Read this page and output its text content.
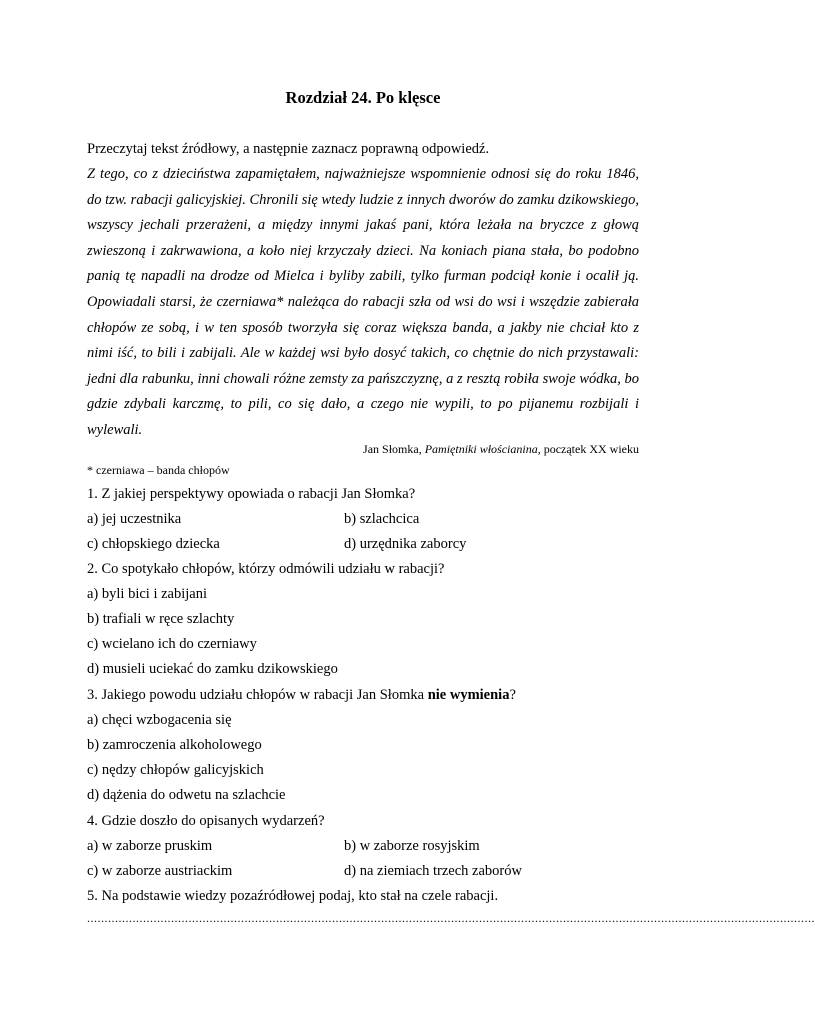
Rozdział 24. Po klęsce
Przeczytaj tekst źródłowy, a następnie zaznacz poprawną odpowiedź.
Z tego, co z dzieciństwa zapamiętałem, najważniejsze wspomnienie odnosi się do roku 1846, do tzw. rabacji galicyjskiej. Chronili się wtedy ludzie z innych dworów do zamku dzikowskiego, wszyscy jechali przerażeni, a między innymi jakaś pani, która leżała na bryczce z głową zwieszoną i zakrwawiona, a koło niej krzyczały dzieci. Na koniach piana stała, bo podobno panią tę napadli na drodze od Mielca i byliby zabili, tylko furman podciął konie i ocalił ją. Opowiadali starsi, że czerniawa* należąca do rabacji szła od wsi do wsi i wszędzie zabierała chłopów ze sobą, i w ten sposób tworzyła się coraz większa banda, a jakby nie chciał kto z nimi iść, to bili i zabijali. Ale w każdej wsi było dosyć takich, co chętnie do nich przystawali: jedni dla rabunku, inni chowali różne zemsty za pańszczyznę, a z resztą robiła swoje wódka, bo gdzie zdybali karczmę, to pili, co się dało, a czego nie wypili, to po pijanemu rozbijali i wylewali.
Jan Słomka, Pamiętniki włościanina, początek XX wieku
* czerniawa – banda chłopów
1. Z jakiej perspektywy opowiada o rabacji Jan Słomka?
a) jej uczestnika	b) szlachcica
c) chłopskiego dziecka	d) urzędnika zaborcy
2. Co spotykało chłopów, którzy odmówili udziału w rabacji?
a) byli bici i zabijani
b) trafiali w ręce szlachty
c) wcielano ich do czerniawy
d) musieli uciekać do zamku dzikowskiego
3. Jakiego powodu udziału chłopów w rabacji Jan Słomka nie wymienia?
a) chęci wzbogacenia się
b) zamroczenia alkoholowego
c) nędzy chłopów galicyjskich
d) dążenia do odwetu na szlachcie
4. Gdzie doszło do opisanych wydarzeń?
a) w zaborze pruskim	b) w zaborze rosyjskim
c) w zaborze austriackim	d) na ziemiach trzech zaborów
5. Na podstawie wiedzy pozaźródłowej podaj, kto stał na czele rabacji.
................................................................................................................................................................................................................
